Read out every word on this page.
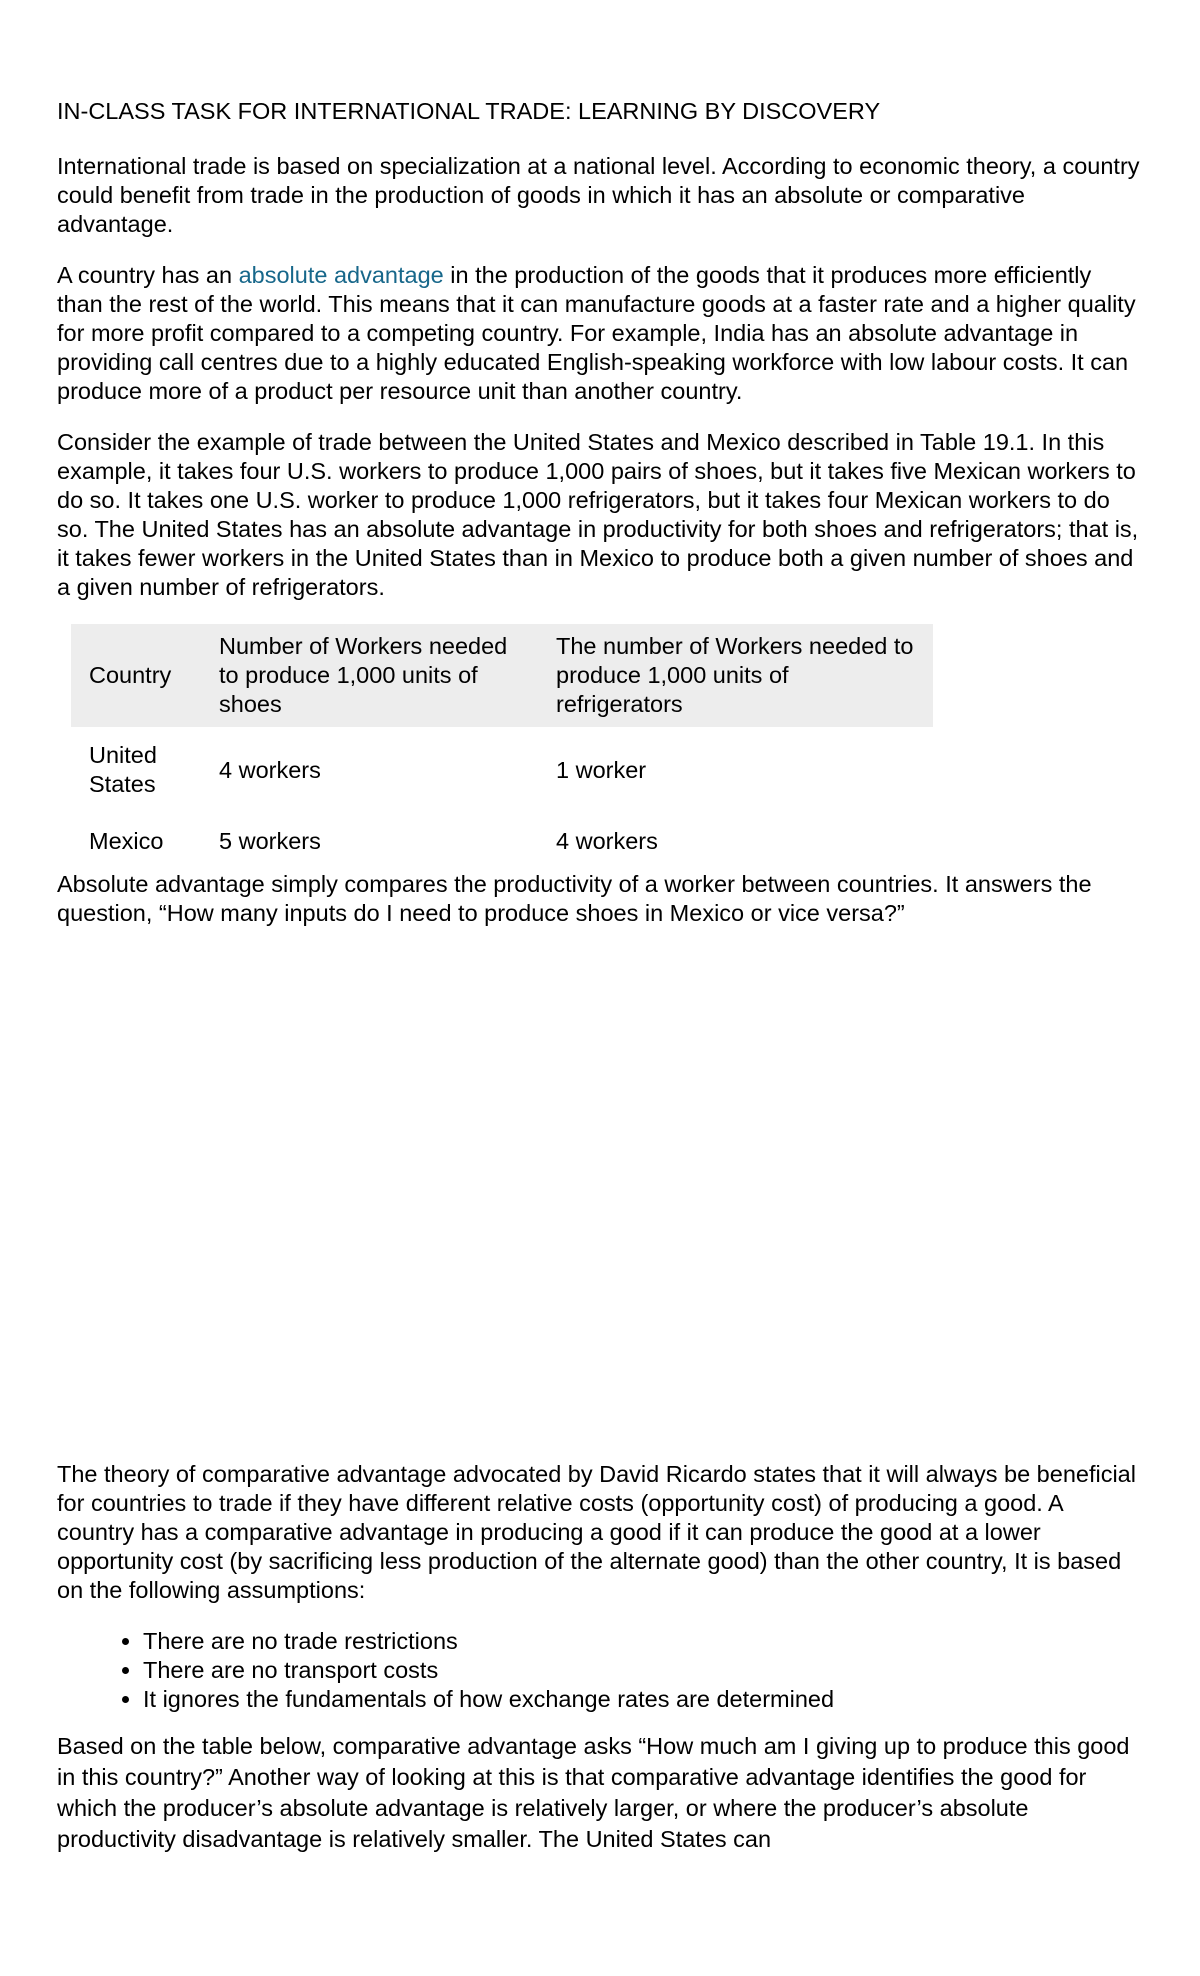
IN-CLASS TASK FOR INTERNATIONAL TRADE: LEARNING BY DISCOVERY

International trade is based on specialization at a national level. According to economic theory, a country could benefit from trade in the production of goods in which it has an absolute or comparative advantage.

A country has an absolute advantage in the production of the goods that it produces more efficiently than the rest of the world. This means that it can manufacture goods at a faster rate and a higher quality for more profit compared to a competing country. For example, India has an absolute advantage in providing call centres due to a highly educated English-speaking workforce with low labour costs. It can produce more of a product per resource unit than another country.

Consider the example of trade between the United States and Mexico described in Table 19.1. In this example, it takes four U.S. workers to produce 1,000 pairs of shoes, but it takes five Mexican workers to do so. It takes one U.S. worker to produce 1,000 refrigerators, but it takes four Mexican workers to do so. The United States has an absolute advantage in productivity for both shoes and refrigerators; that is, it takes fewer workers in the United States than in Mexico to produce both a given number of shoes and a given number of refrigerators.

Country	Number of Workers needed to produce 1,000 units of shoes	The number of Workers needed to produce 1,000 units of refrigerators
United States	4 workers	1 worker
Mexico	5 workers	4 workers

Absolute advantage simply compares the productivity of a worker between countries. It answers the question, “How many inputs do I need to produce shoes in Mexico or vice versa?”

The theory of comparative advantage advocated by David Ricardo states that it will always be beneficial for countries to trade if they have different relative costs (opportunity cost) of producing a good. A country has a comparative advantage in producing a good if it can produce the good at a lower opportunity cost (by sacrificing less production of the alternate good) than the other country, It is based on the following assumptions:

• There are no trade restrictions
• There are no transport costs
• It ignores the fundamentals of how exchange rates are determined

Based on the table below, comparative advantage asks “How much am I giving up to produce this good in this country?” Another way of looking at this is that comparative advantage identifies the good for which the producer’s absolute advantage is relatively larger, or where the producer’s absolute productivity disadvantage is relatively smaller. The United States can
